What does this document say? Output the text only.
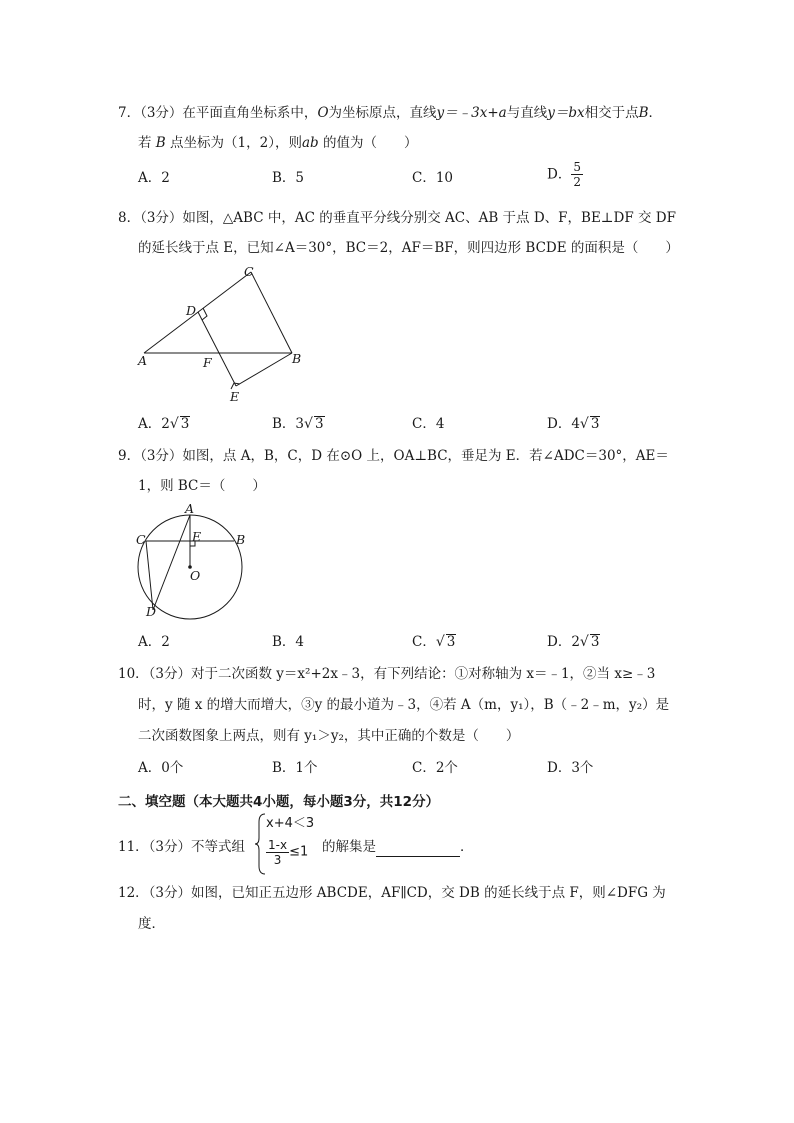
7．（3分）在平面直角坐标系中，O为坐标原点，直线y＝﹣3x+a与直线y＝bx相交于点B．
若 B 点坐标为（1，2），则ab 的值为（　　）
A．2	B．5	C．10	D． $\frac{5}{2}$
8．（3分）如图，△ABC 中，AC 的垂直平分线分别交 AC、AB 于点 D、F，BE⊥DF 交 DF
的延长线于点 E，已知∠A＝30°，BC＝2，AF＝BF，则四边形 BCDE 的面积是（　　）
C
D
A	F	B
E
A．2√ 3	B．3√ 3	C．4	D．4√ 3
9．（3分）如图，点 A，B，C，D 在⊙O 上，OA⊥BC，垂足为 E．若∠ADC＝30°，AE＝
1，则 BC＝（　　）
A
C	B
E
O
D
A．2	B．4	C．√ 3	D．2√ 3
10．（3分）对于二次函数 y＝x²+2x﹣3，有下列结论：①对称轴为 x＝﹣1，②当 x≥﹣3
时，y 随 x 的增大而增大，③y 的最小道为﹣3，④若 A（m，y₁），B（﹣2﹣m，y₂）是
二次函数图象上两点，则有 y₁＞y₂，其中正确的个数是（　　）
A．0个	B．1个	C．2个	D．3个
二、填空题（本大题共4小题，每小题3分，共12分）
11．（3分）不等式组
x+4＜3
$\frac{1-x}{3} \le 1$ 的解集是	．
12．（3分）如图，已知正五边形 ABCDE，AF∥CD，交 DB 的延长线于点 F，则∠DFG 为
度．
